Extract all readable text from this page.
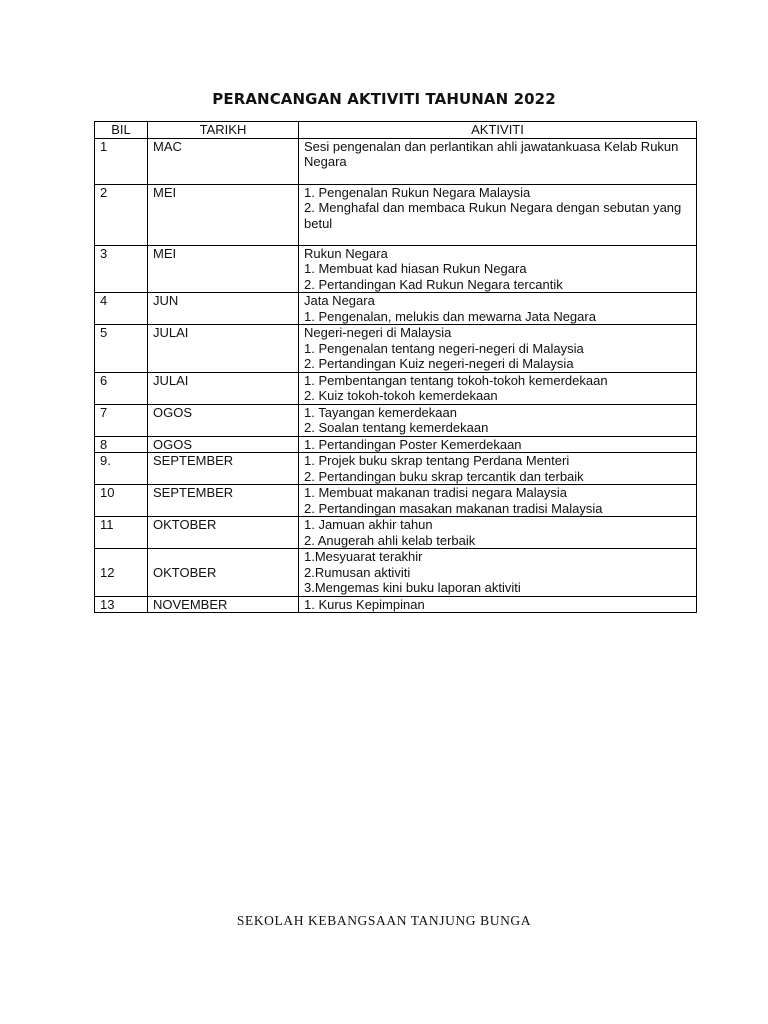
PERANCANGAN AKTIVITI TAHUNAN 2022
BIL	TARIKH	AKTIVITI
1	MAC	Sesi pengenalan dan perlantikan ahli jawatankuasa Kelab Rukun Negara

2	MEI	1. Pengenalan Rukun Negara Malaysia
2. Menghafal dan membaca Rukun Negara dengan sebutan yang betul

3	MEI	Rukun Negara
1. Membuat kad hiasan Rukun Negara
2. Pertandingan Kad Rukun Negara tercantik

4	JUN	Jata Negara
1. Pengenalan, melukis dan mewarna Jata Negara

5	JULAI	Negeri-negeri di Malaysia
1. Pengenalan tentang negeri-negeri di Malaysia
2. Pertandingan Kuiz negeri-negeri di Malaysia

6	JULAI	1. Pembentangan tentang tokoh-tokoh kemerdekaan
2. Kuiz tokoh-tokoh kemerdekaan

7	OGOS	1. Tayangan kemerdekaan
2. Soalan tentang kemerdekaan

8	OGOS	1. Pertandingan Poster Kemerdekaan

9.	SEPTEMBER	1. Projek buku skrap tentang Perdana Menteri
2. Pertandingan buku skrap tercantik dan terbaik

10	SEPTEMBER	1. Membuat makanan tradisi negara Malaysia
2. Pertandingan masakan makanan tradisi Malaysia

11	OKTOBER	1. Jamuan akhir tahun
2. Anugerah ahli kelab terbaik

12	OKTOBER	1.Mesyuarat terakhir
2.Rumusan aktiviti
3.Mengemas kini buku laporan aktiviti

13	NOVEMBER	1. Kurus Kepimpinan
SEKOLAH KEBANGSAAN TANJUNG BUNGA
